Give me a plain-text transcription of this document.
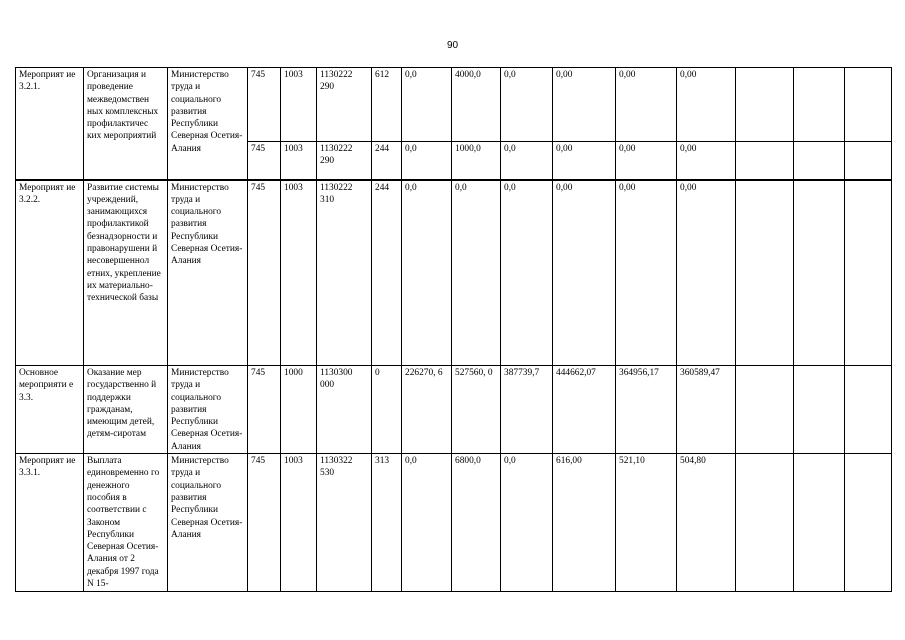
90
Мероприят ие 3.2.1.	Организация и проведение межведомствен ных комплексных профилактичес ких мероприятий	Министерство труда и социального развития Республики Северная Осетия-Алания	745	1003	1130222 290	612	0,0	4000,0	0,0	0,00	0,00	0,00			
			745	1003	1130222 290	244	0,0	1000,0	0,0	0,00	0,00	0,00			
Мероприят ие 3.2.2.	Развитие системы учреждений, занимающихся профилактикой безнадзорности и правонарушени й несовершеннол етних, укрепление их материально-технической базы	Министерство труда и социального развития Республики Северная Осетия-Алания	745	1003	1130222 310	244	0,0	0,0	0,0	0,00	0,00	0,00			
Основное мероприяти е 3.3.	Оказание мер государственно й поддержки гражданам, имеющим детей, детям-сиротам	Министерство труда и социального развития Республики Северная Осетия-Алания	745	1000	1130300 000	0	226270, 6	527560, 0	387739,7	444662,07	364956,17	360589,47			
Мероприят ие 3.3.1.	Выплата единовременно го денежного пособия в соответствии с Законом Республики Северная Осетия-Алания от 2 декабря 1997 года N 15-	Министерство труда и социального развития Республики Северная Осетия-Алания	745	1003	1130322 530	313	0,0	6800,0	0,0	616,00	521,10	504,80			
